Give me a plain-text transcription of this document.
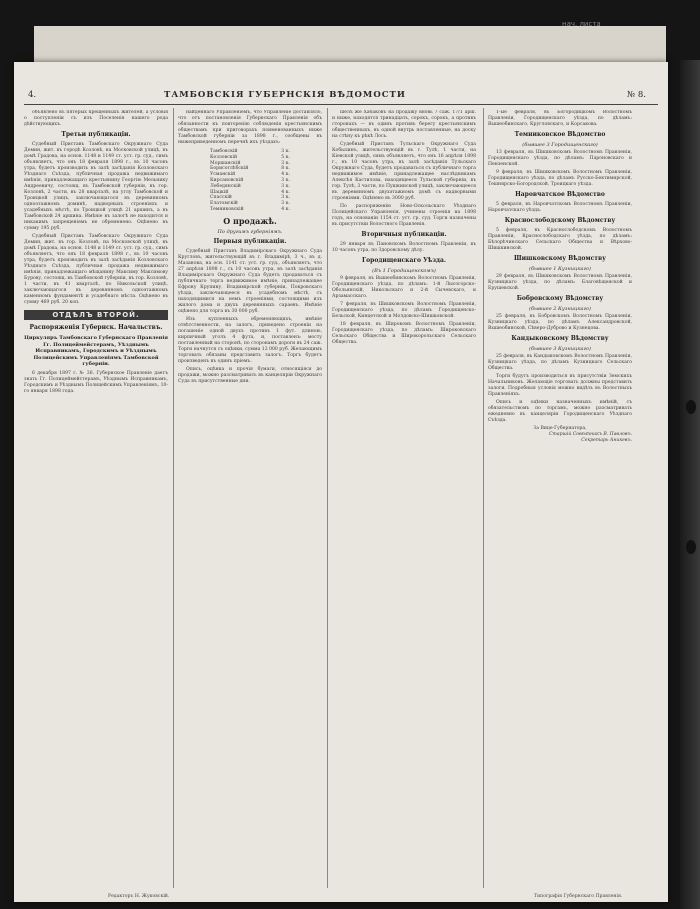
нач. листа
4.	ТАМБОВСКІЯ ГУБЕРНСКІЯ ВѢДОМОСТИ	№ 8.

объявлено въ пятерых крещенныхъ жителей, а условія о поступленіи съ изъ Поселенія нашего рода дѣйствующихъ.

Третьи публикаціи.

Судебный Приставъ Тамбовскаго Окружнаго Суда Демин, жит. въ городѣ Козловѣ, на Московской улицѣ, въ домѣ Градова, на основ. 1148 и 1149 ст. уст. гр. суд., симъ объявляетъ, что онъ 18 февраля 1898 г., въ 10 часовъ утра, будетъ производить въ залѣ засѣданія Козловскаго Уѣзднаго Съѣзда, публичная продажа недвижимаго имѣнія, принадлежащаго крестьянину Георгію Мельнику Андреевичу, состоящ. въ Тамбовской губерніи, въ гор. Козловѣ, 2 части, въ 28 кварталѣ, на углу Тамбовской и Троицкой улицъ, заключающагося въ деревянномъ одноэтажномъ доминѣ, надворныхъ строеніяхъ и усадебныхъ мѣстѣ, по Троицкой улицѣ 21 аршинъ, а въ Тамбовской 24 аршина. Имѣніе въ залогѣ не находится и никакимъ запрещеніемъ не обременено. Оцѣнено въ сумму 195 руб.

Судебный Приставъ Тамбовскаго Окружнаго Суда Демин, жит. въ гор. Козловѣ, на Московской улицѣ, въ домѣ Градова, на основ. 1148 и 1149 ст. уст. гр. суд., симъ объявляетъ, что онъ 18 февраля 1898 г., въ 10 часовъ утра, будетъ производить въ залѣ засѣданія Козловскаго Уѣзднаго Съѣзда, публичная продажа недвижимаго имѣнія, принадлежащаго мѣщанину Максиму Максимову Бурову, состоящ. въ Тамбовской губерніи, въ гор. Козловѣ, 1 части, въ 41 кварталѣ, по Никольской улицѣ, заключающагося въ деревянномъ одноэтажномъ каменномъ фундаментѣ и усадебнаго мѣста. Оцѣнено въ сумму 469 руб. 20 коп.

ОТДѢЛЪ ВТОРОЙ.
Распоряженія Губернск. Начальствъ.
Циркуляръ Тамбовскаго Губернскаго Правленія Гг. Полицеймейстерамъ, Уѣзднымъ Исправникамъ, Городскимъ и Уѣзднымъ Полицейскимъ Управленіямъ Тамбовской губерніи.

6 декабря 1897 г. № 36. Губернское Правленіе даетъ знать Гг. Полицеймейстерамъ, Уѣзднымъ Исправникамъ, Городскимъ и Уѣзднымъ Полицейскимъ Управленіямъ, 10-го января 1898 года.

найденнаго Управленіемъ, что Управленіе доставляло, что отъ постановленія Губернскаго Правленія объ обязанности къ повторенію соблюденія крестьянскимъ обществамъ при приговорахъ поименованныхъ ниже Тамбовской губерніи за 1898 г., сообщены въ нижеприведенномъ перечнѣ ихъ уѣздахъ:

Тамбовскій	3 к.
Козловскій	5 к.
Моршанскій	3 к.
Борисоглѣбскій	8 к.
Усманскій	4 к.
Кирсановскій	3 к.
Лебедянскій	3 к.
Шацкій	4 к.
Спасскій	3 к.
Елатомскій	3 к.
Темниковскій	4 к.
О продажѣ.
По другимъ губерніямъ.
Первыя публикаціи.

Судебный Приставъ Владимірскаго Окружнаго Суда Кругловъ, жительствующій въ г. Владимірѣ, 3 ч., въ д. Мазанова, на осн. 1141 ст. уст. гр. суд., объявляетъ, что 27 апрѣля 1898 г., съ 10 часовъ утра, въ залѣ засѣданія Владимірскаго Окружнаго Суда будетъ продаваться съ публичнаго торга недвижимое имѣніе, принадлежащее Ефрону Крупину, Владимірской губерніи, Покровскаго уѣзда, заключающееся въ усадебномъ мѣстѣ, съ находящимися на немъ строеніями, состоящими изъ жилого дома и двухъ деревянныхъ сараевъ. Имѣніе оцѣнено для торга въ 30 000 руб.

Изъ купленныхъ обременяющихъ, имѣніе отвѣтственности, на залогъ, приведено строеніи на погашеніе одной двухъ противъ 1 фут. длиною, кирпичный уголъ 4 фута, и, поставленъ: мосту поставленный на сторонѣ, по сторонамъ дороги въ 24 саж. Торги начнутся съ оцѣнки, сумма 12 000 руб. Желающимъ торговать обязаны представить залогъ. Торгъ будетъ произведенъ въ одинъ пріемъ.

Опись, оцѣнка и прочія бумаги, относящіяся до продажи, можно разсматривать въ канцеляріи Окружнаго Суда въ присутственные дни.

шелъ же Хабаковъ на продажу вновь 7 саж. 17/1 арш. и ниже, находятся тринадцать, сорокъ, сорокъ, а противъ сторонахъ — въ одинъ противъ берегу крестьянскимъ общественныхъ, въ одной внутрь поставленные, на доску на стѣну къ рѣкѣ Лось.

Судебный Приставъ Тульскаго Окружнаго Суда Кобылинъ, жительствующій въ г. Тулѣ, 1 части, на Кіевской улицѣ, симъ объявляетъ, что онъ 16 апрѣля 1898 г., въ 10 часовъ утра, въ залѣ засѣданія Тульскаго Окружнаго Суда, будетъ продаваться съ публичнаго торга недвижимое имѣніе, принадлежащее наслѣдникамъ Алексѣя Кастилова, находящееся Тульской губерніи, въ гор. Тулѣ, 3 части, по Пушкинской улицѣ, заключающееся въ деревянномъ двухэтажномъ домѣ съ надворными строеніями. Оцѣнено въ 3000 руб.

По распоряженію Ново-Оскольскаго Уѣзднаго Полицейскаго Управленія, учинены строенія на 1898 годъ, на основаніи 1154 ст. уст. гр. суд. Торги назначены въ присутствіи Волостного Правленія.

Вторичныя публикаціи.

29 января въ Пановскомъ Волостномъ Правленіи, въ 10 часовъ утра, по Здоровскому дѣлу.

Городищенскаго Уѣзда.
(Въ 1 Городищенскомъ)

9 февраля, въ Вышеобинскомъ Волостномъ Правленіи, Городищенскаго уѣзда, по дѣламъ: 1-й Лысогорско-Обольянскій, Никольскаго и 2-й Сычевскаго, и Арзамасскаго.

7 февраля, въ Шишковскомъ Волостномъ Правленіи, Городищенскаго уѣзда, по дѣламъ Городищенско-Бельской, Кинцетской и Молдовско-Шишковской.

18 февраля, въ Широкомъ Волостномъ Правленіи, Городищенскаго уѣзда, по дѣламъ: Широковскаго Сельскаго Общества и Широкорольскаго Сельскаго Общества.

1-ые февраля, въ Богородицкомъ Волостномъ Правленіи, Городищенскаго уѣзда, по дѣламъ: Вышеобинскаго, Кругловскаго, и Корсакова.

Темниковское Вѣдомство
(бывшее 3 Городищенскаго)

13 февраля, въ Шишковскомъ Волостномъ Правленіи, Городищенскаго уѣзда, по дѣламъ: Пароновскаго и Пензенской.

9 февраля, въ Шишковскомъ Волостномъ Правленіи, Городищенскаго уѣзда, по дѣламъ Русско-Бектимирской, Тешнярско-Богородской, Троицкаго уѣзда.

Наровчатское Вѣдомство

5 февраля, въ Наровчатскомъ Волостномъ Правленіи, Наровчатскаго уѣзда.

Краснослободскому Вѣдомству

5 февраля, въ Краснослободскомъ Волостномъ Правленіи, Краснослободскаго уѣзда, по дѣламъ: Бѣлорѣчинскаго Сельскаго Общества и Вѣрхово-Шишкинской.

Шишковскому Вѣдомству
(бывшее 1 Кузницкаго)

29 февраля, въ Шишковскомъ Волостномъ Правленіи, Кузницкаго уѣзда, по дѣламъ: Благовѣщенской и Ерушевской.

Бобровскому Вѣдомству
(бывшее 2 Кузницкаго)

25 февраля, въ Бобровскомъ Волостномъ Правленіи, Кузницкаго уѣзда, по дѣламъ Александровской, Вышеобинской, Сѣверо-Дуброво и Кузнецова.

Кандыковскому Вѣдомству
(бывшее 3 Кузницкаго)

25 февраля, въ Кандыковскомъ Волостномъ Правленіи, Кузницкаго уѣзда, по дѣламъ Кузницкаго Сельскаго Общества.

Торги будутъ производиться въ присутствіи Земскихъ Начальниковъ. Желающіе торговать должны представить залоги. Подробныя условія можно видѣть въ Волостныхъ Правленіяхъ.

Опись и оцѣнки назначенныхъ имѣній, съ обязательствомъ по торгамъ, можно разсматривать ежедневно въ канцеляріи Городищенскаго Уѣзднаго Съѣзда.

За Вице-Губернатора,
Старшій Совѣтникъ В. Павловъ.
Секретарь Аникевъ.
Редакторъ Н. Жуковскій.	Типографія Губернскаго Правленія.
